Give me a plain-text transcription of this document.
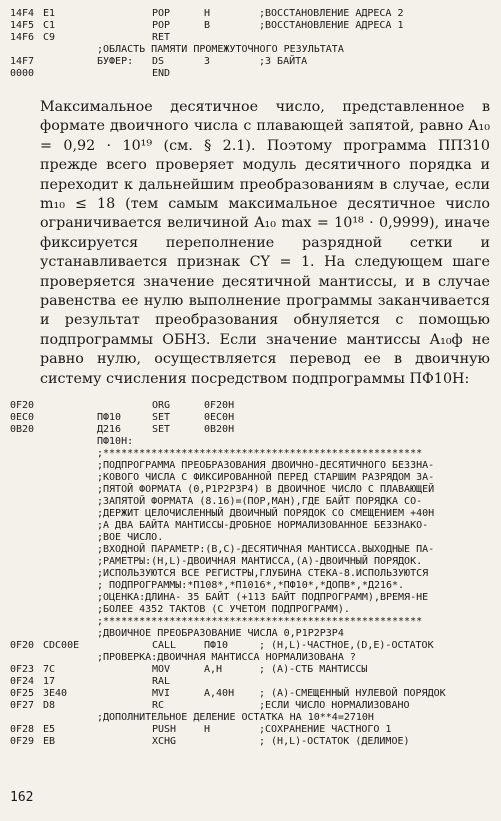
14F4 E1	POP	H	;ВОССТАНОВЛЕНИЕ АДРЕСА 2
14F5 C1	POP	B	;ВОССТАНОВЛЕНИЕ АДРЕСА 1
14F6 C9	RET
;ОБЛАСТЬ ПАМЯТИ ПРОМЕЖУТОЧНОГО РЕЗУЛЬТАТА
14F7	БУФЕР: DS	3	;3 БАЙТА
0000	END

Максимальное десятичное число, представленное в формате двоичного числа с плавающей запятой, равно A₁₀ = 0,92 · 10¹⁹ (см. § 2.1). Поэтому программа ППЗ10 прежде всего проверяет модуль десятичного порядка и переходит к дальнейшим преобразованиям в случае, если m₁₀ ≤ 18 (тем самым максимальное десятичное число ограничивается величиной A₁₀ max = 10¹⁸ · 0,9999), иначе фиксируется переполнение разрядной сетки и устанавливается признак CY = 1. На следующем шаге проверяется значение десятичной мантиссы, и в случае равенства ее нулю выполнение программы заканчивается и результат преобразования обнуляется с помощью подпрограммы ОБНЗ. Если значение мантиссы A₁₀ф не равно нулю, осуществляется перевод ее в двоичную систему счисления посредством подпрограммы ПФ10Н:

0F20	ORG	0F20H
0EC0	ПФ10	SET	0EC0H
0B20	Д216	SET	0B20H
ПФ10Н:
;*****************************************************
;ПОДПРОГРАММА ПРЕОБРАЗОВАНИЯ ДВОИЧНО-ДЕСЯТИЧНОГО БЕЗЗНА-
;КОВОГО ЧИСЛА С ФИКСИРОВАННОЙ ПЕРЕД СТАРШИМ РАЗРЯДОМ ЗА-
;ПЯТОЙ ФОРМАТА (0,Р1Р2Р3Р4) В ДВОИЧНОЕ ЧИСЛО С ПЛАВАЮЩЕЙ
;ЗАПЯТОЙ ФОРМАТА (8.16)=(ПОР,МАН),ГДЕ БАЙТ ПОРЯДКА СО-
;ДЕРЖИТ ЦЕЛОЧИСЛЕННЫЙ ДВОИЧНЫЙ ПОРЯДОК СО СМЕЩЕНИЕМ +40Н
;А ДВА БАЙТА МАНТИССЫ-ДРОБНОЕ НОРМАЛИЗОВАННОЕ БЕЗЗНАКО-
;ВОЕ ЧИСЛО.
;ВХОДНОЙ ПАРАМЕТР:(B,C)-ДЕСЯТИЧНАЯ МАНТИССА.ВЫХОДНЫЕ ПА-
;РАМЕТРЫ:(H,L)-ДВОИЧНАЯ МАНТИССА,(A)-ДВОИЧНЫЙ ПОРЯДОК.
;ИСПОЛЬЗУЮТСЯ ВСЕ РЕГИСТРЫ,ГЛУБИНА СТЕКА-8.ИСПОЛЬЗУЮТСЯ
; ПОДПРОГРАММЫ:*П108*,*П1016*,*ПФ10*,*ДОПВ*,*Д216*.
;ОЦЕНКА:ДЛИНА- 35 БАЙТ (+113 БАЙТ ПОДПРОГРАММ),ВРЕМЯ-НЕ
;БОЛЕЕ 4352 ТАКТОВ (С УЧЕТОМ ПОДПРОГРАММ).
;*****************************************************
;ДВОИЧНОЕ ПРЕОБРАЗОВАНИЕ ЧИСЛА 0,Р1Р2Р3Р4
0F20 CDC00E	CALL	ПФ10	; (H,L)-ЧАСТНОЕ,(D,E)-ОСТАТОК
;ПРОВЕРКА:ДВОИЧНАЯ МАНТИССА НОРМАЛИЗОВАНА ?
0F23 7C	MOV	A,H	; (A)-СТБ МАНТИССЫ
0F24 17	RAL
0F25 3E40	MVI	A,40H ; (A)-СМЕЩЕННЫЙ НУЛЕВОЙ ПОРЯДОК
0F27 D8	RC	;ЕСЛИ ЧИСЛО НОРМАЛИЗОВАНО
;ДОПОЛНИТЕЛЬНОЕ ДЕЛЕНИЕ ОСТАТКА НА 10**4=2710Н
0F28 E5	PUSH	H	;СОХРАНЕНИЕ ЧАСТНОГО 1
0F29 EB	XCHG	; (H,L)-ОСТАТОК (ДЕЛИМОЕ)
162
